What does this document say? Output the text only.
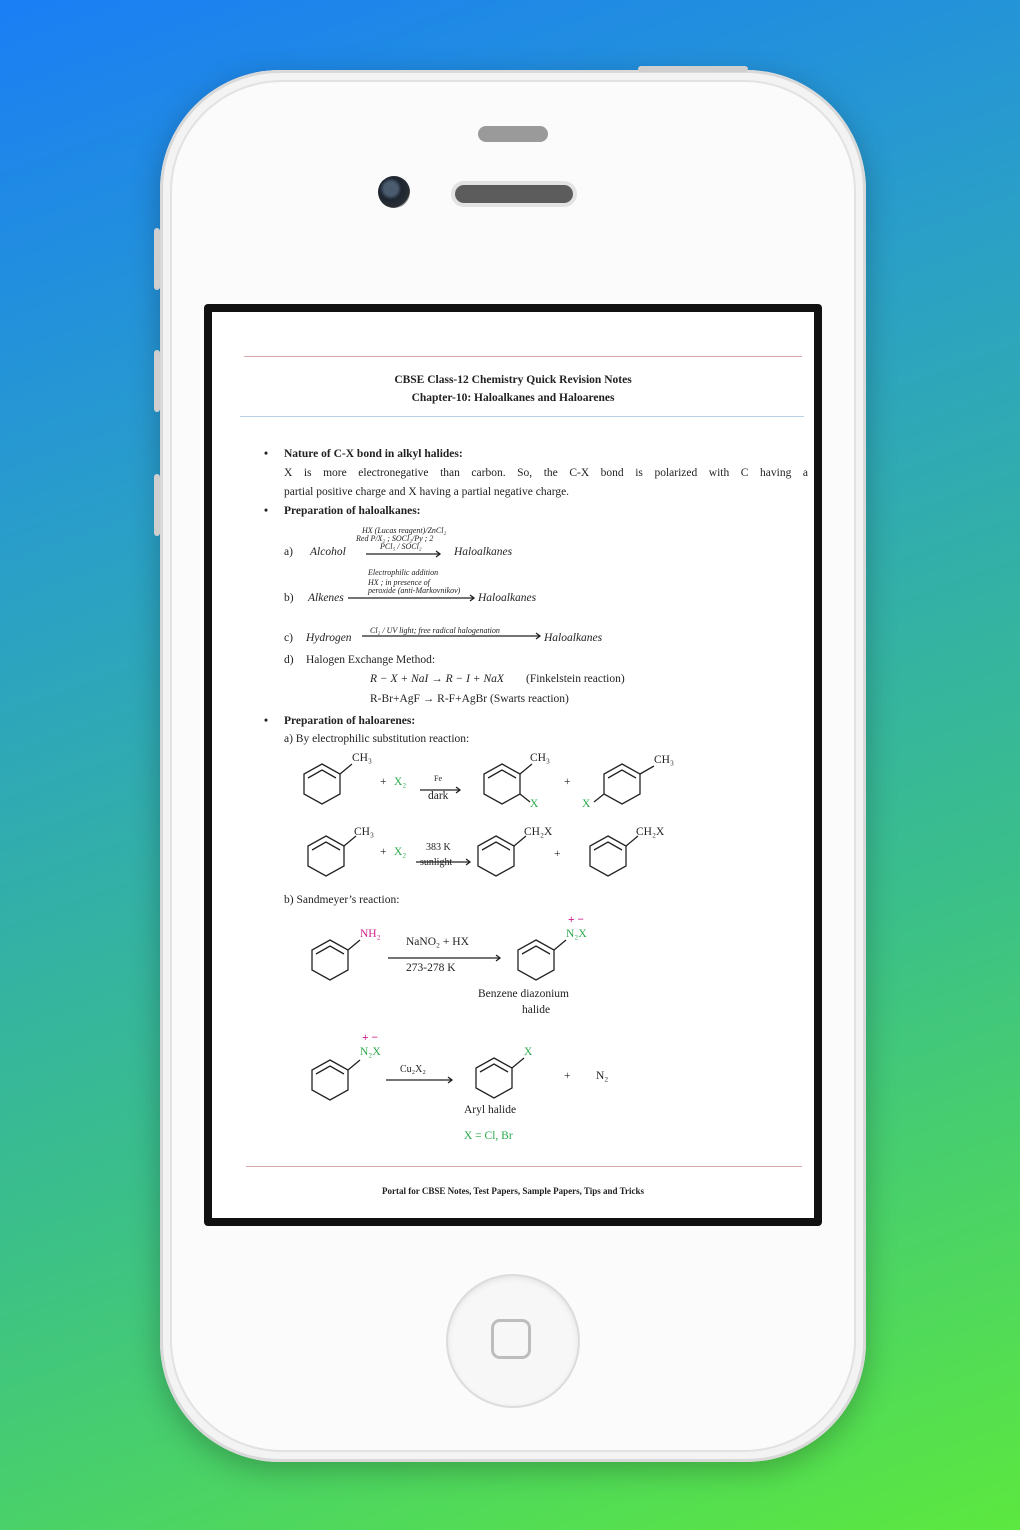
CBSE Class-12 Chemistry Quick Revision Notes
Chapter-10: Haloalkanes and Haloarenes
• Nature of C-X bond in alkyl halides:
X is more electronegative than carbon. So, the C-X bond is polarized with C having a
partial positive charge and X having a partial negative charge.
• Preparation of haloalkanes:
HX (Lucas reagent)/ZnCl₂
Red P/X₂ ; SOCl₂/Py ; 2
PCl₅ / SOCl₂
a) Alcohol	Haloalkanes
Electrophilic addition
HX ; in presence of
peroxide (anti-Markovnikov)
b) Alkenes	Haloalkanes
Cl₂ / UV light; free radical halogenation
c) Hydrogen	Haloalkanes
d) Halogen Exchange Method:
R − X + NaI → R − I + NaX (Finkelstein reaction)
R-Br+AgF → R-F+AgBr (Swarts reaction)
• Preparation of haloarenes:
a) By electrophilic substitution reaction:
CH₃
+ X₂	Fe
dark
CH₃
X
+
X
CH₃
CH₃
+ X₂ 383 K
sunlight
CH₂X
+
CH₂X
b) Sandmeyer’s reaction:
NH₂
NaNO₂ + HX
273-278 K
+ −
N₂X
Benzene diazonium
halide
+ −
N₂X
Cu₂X₂
X
+ N₂
Aryl halide
X = Cl, Br
Portal for CBSE Notes, Test Papers, Sample Papers, Tips and Tricks
